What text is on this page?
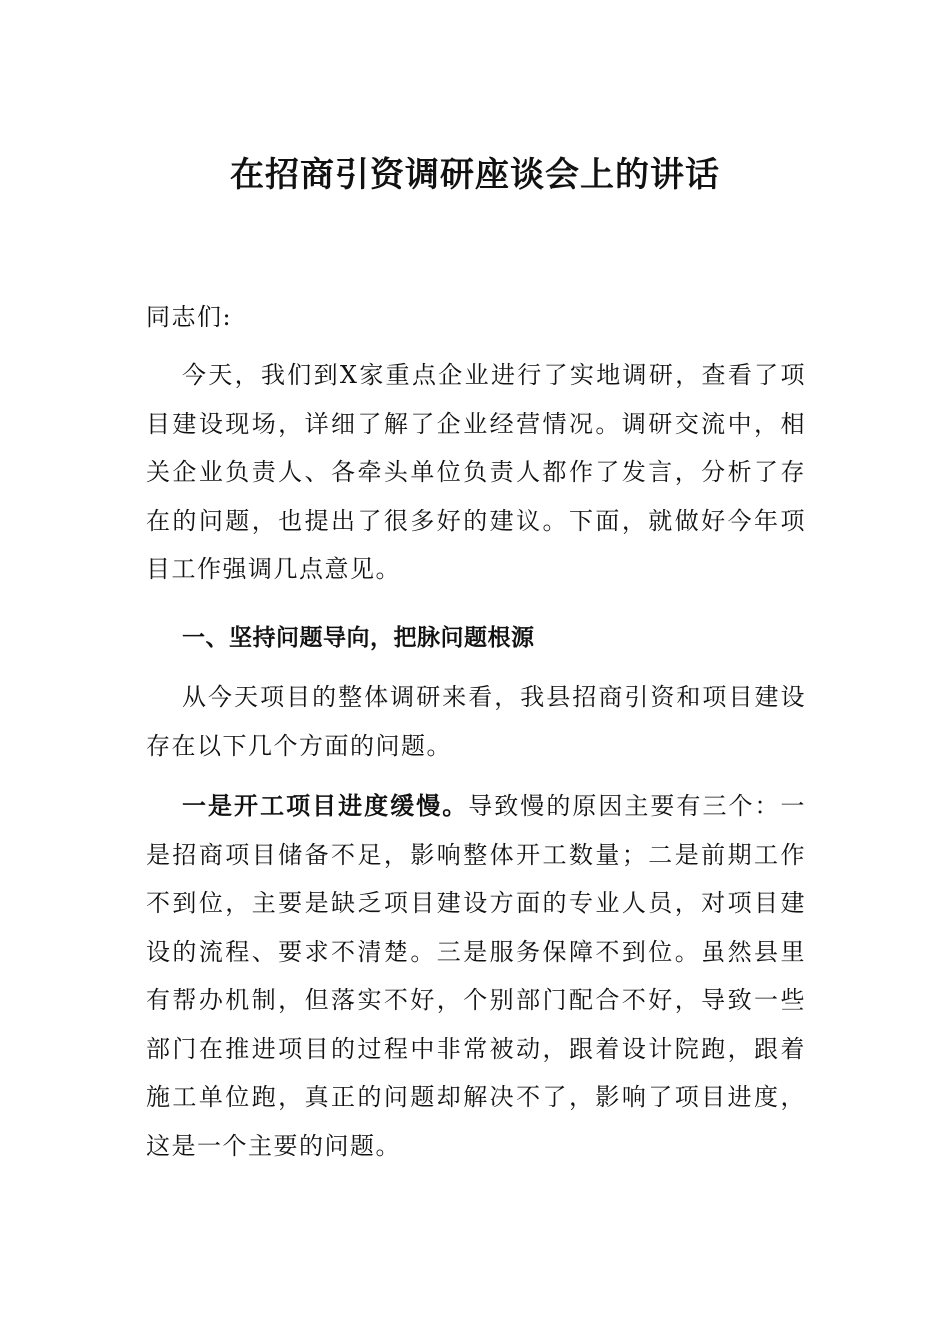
在招商引资调研座谈会上的讲话
同志们:

今天，我们到X家重点企业进行了实地调研，查看了项目建设现场，详细了解了企业经营情况。调研交流中，相关企业负责人、各牵头单位负责人都作了发言，分析了存在的问题，也提出了很多好的建议。下面，就做好今年项目工作强调几点意见。

一、坚持问题导向，把脉问题根源

从今天项目的整体调研来看，我县招商引资和项目建设存在以下几个方面的问题。

一是开工项目进度缓慢。导致慢的原因主要有三个：一是招商项目储备不足，影响整体开工数量；二是前期工作不到位，主要是缺乏项目建设方面的专业人员，对项目建设的流程、要求不清楚。三是服务保障不到位。虽然县里有帮办机制，但落实不好，个别部门配合不好，导致一些部门在推进项目的过程中非常被动，跟着设计院跑，跟着施工单位跑，真正的问题却解决不了，影响了项目进度，这是一个主要的问题。
